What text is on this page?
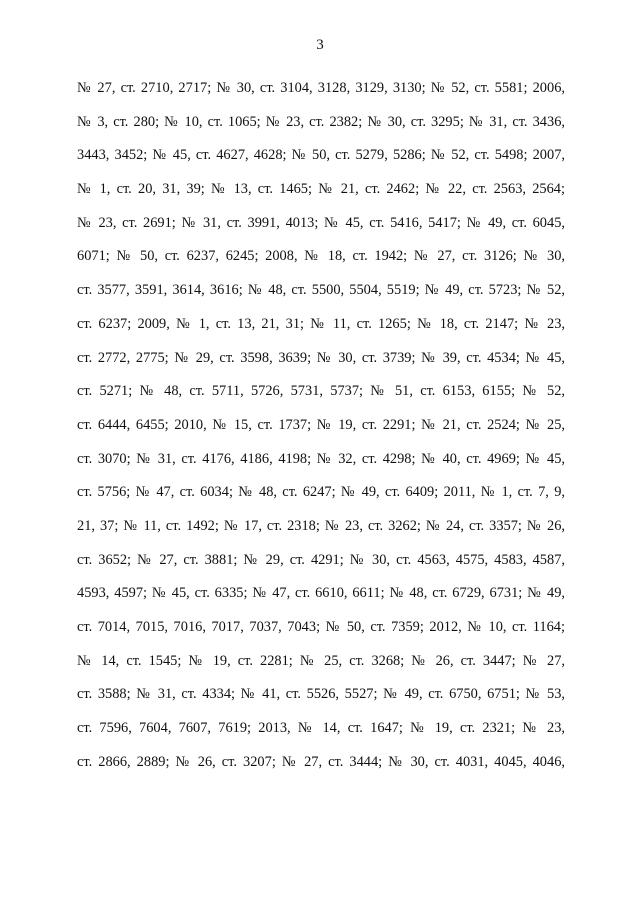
3
№ 27, ст. 2710, 2717; № 30, ст. 3104, 3128, 3129, 3130; № 52, ст. 5581; 2006,
№ 3, ст. 280; № 10, ст. 1065; № 23, ст. 2382; № 30, ст. 3295; № 31, ст. 3436,
3443, 3452; № 45, ст. 4627, 4628; № 50, ст. 5279, 5286; № 52, ст. 5498; 2007,
№ 1, ст. 20, 31, 39; № 13, ст. 1465; № 21, ст. 2462; № 22, ст. 2563, 2564;
№ 23, ст. 2691; № 31, ст. 3991, 4013; № 45, ст. 5416, 5417; № 49, ст. 6045,
6071; № 50, ст. 6237, 6245; 2008, № 18, ст. 1942; № 27, ст. 3126; № 30,
ст. 3577, 3591, 3614, 3616; № 48, ст. 5500, 5504, 5519; № 49, ст. 5723; № 52,
ст. 6237; 2009, № 1, ст. 13, 21, 31; № 11, ст. 1265; № 18, ст. 2147; № 23,
ст. 2772, 2775; № 29, ст. 3598, 3639; № 30, ст. 3739; № 39, ст. 4534; № 45,
ст. 5271; № 48, ст. 5711, 5726, 5731, 5737; № 51, ст. 6153, 6155; № 52,
ст. 6444, 6455; 2010, № 15, ст. 1737; № 19, ст. 2291; № 21, ст. 2524; № 25,
ст. 3070; № 31, ст. 4176, 4186, 4198; № 32, ст. 4298; № 40, ст. 4969; № 45,
ст. 5756; № 47, ст. 6034; № 48, ст. 6247; № 49, ст. 6409; 2011, № 1, ст. 7, 9,
21, 37; № 11, ст. 1492; № 17, ст. 2318; № 23, ст. 3262; № 24, ст. 3357; № 26,
ст. 3652; № 27, ст. 3881; № 29, ст. 4291; № 30, ст. 4563, 4575, 4583, 4587,
4593, 4597; № 45, ст. 6335; № 47, ст. 6610, 6611; № 48, ст. 6729, 6731; № 49,
ст. 7014, 7015, 7016, 7017, 7037, 7043; № 50, ст. 7359; 2012, № 10, ст. 1164;
№ 14, ст. 1545; № 19, ст. 2281; № 25, ст. 3268; № 26, ст. 3447; № 27,
ст. 3588; № 31, ст. 4334; № 41, ст. 5526, 5527; № 49, ст. 6750, 6751; № 53,
ст. 7596, 7604, 7607, 7619; 2013, № 14, ст. 1647; № 19, ст. 2321; № 23,
ст. 2866, 2889; № 26, ст. 3207; № 27, ст. 3444; № 30, ст. 4031, 4045, 4046,
